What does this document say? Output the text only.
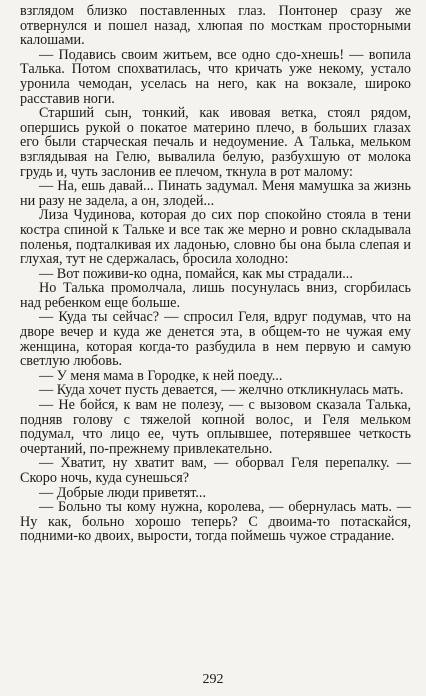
взглядом близко поставленных глаз. Понтонер сразу же отвернулся и пошел назад, хлюпая по мосткам просторными калошами.

— Подавись своим житьем, все одно сдо-хнешь! — вопила Талька. Потом спохватилась, что кричать уже некому, устало уронила чемодан, уселась на него, как на вокзале, широко расставив ноги.

Старший сын, тонкий, как ивовая ветка, стоял рядом, опершись рукой о покатое материно плечо, в больших глазах его были старческая печаль и недоумение. А Талька, мельком взглядывая на Гелю, вывалила белую, разбухшую от молока грудь и, чуть заслонив ее плечом, ткнула в рот малому:

— На, ешь давай... Пинать задумал. Меня мамушка за жизнь ни разу не задела, а он, злодей...

Лиза Чудинова, которая до сих пор спокойно стояла в тени костра спиной к Тальке и все так же мерно и ровно складывала поленья, подталкивая их ладонью, словно бы она была слепая и глухая, тут не сдержалась, бросила холодно:

— Вот поживи-ко одна, помайся, как мы страдали...

Но Талька промолчала, лишь посунулась вниз, сгорбилась над ребенком еще больше.

— Куда ты сейчас? — спросил Геля, вдруг подумав, что на дворе вечер и куда же денется эта, в общем-то не чужая ему женщина, которая когда-то разбудила в нем первую и самую светлую любовь.

— У меня мама в Городке, к ней поеду...

— Куда хочет пусть девается, — желчно откликнулась мать.

— Не бойся, к вам не полезу, — с вызовом сказала Талька, подняв голову с тяжелой копной волос, и Геля мельком подумал, что лицо ее, чуть оплывшее, потерявшее четкость очертаний, по-прежнему привлекательно.

— Хватит, ну хватит вам, — оборвал Геля перепалку. — Скоро ночь, куда сунешься?

— Добрые люди приветят...

— Больно ты кому нужна, королева, — обернулась мать. — Ну как, больно хорошо теперь? С двоима-то потаскайся, подними-ко двоих, вырости, тогда поймешь чужое страдание.

292
